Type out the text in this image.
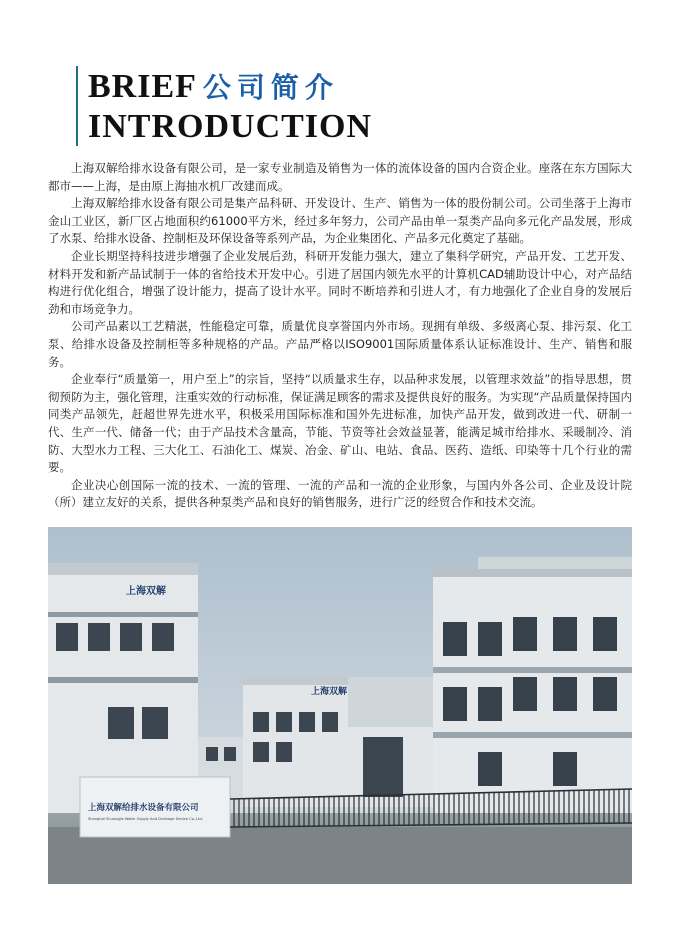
BRIEF 公司简介
INTRODUCTION

上海双解给排水设备有限公司，是一家专业制造及销售为一体的流体设备的国内合资企业。座落在东方国际大都市——上海，是由原上海抽水机厂改建而成。

上海双解给排水设备有限公司是集产品科研、开发设计、生产、销售为一体的股份制公司。公司坐落于上海市金山工业区，新厂区占地面积约61000平方米，经过多年努力，公司产品由单一泵类产品向多元化产品发展，形成了水泵、给排水设备、控制柜及环保设备等系列产品，为企业集团化、产品多元化奠定了基础。

企业长期坚持科技进步增强了企业发展后劲，科研开发能力强大，建立了集科学研究，产品开发、工艺开发、材料开发和新产品试制于一体的省给技术开发中心。引进了居国内领先水平的计算机CAD辅助设计中心，对产品结构进行优化组合，增强了设计能力，提高了设计水平。同时不断培养和引进人才，有力地强化了企业自身的发展后劲和市场竞争力。

公司产品素以工艺精湛，性能稳定可靠，质量优良享誉国内外市场。现拥有单级、多级离心泵、排污泵、化工泵、给排水设备及控制柜等多种规格的产品。产品严格以ISO9001国际质量体系认证标准设计、生产、销售和服务。

企业奉行“质量第一，用户至上”的宗旨，坚持“以质量求生存，以品种求发展，以管理求效益”的指导思想，贯彻预防为主，强化管理，注重实效的行动标准，保证满足顾客的需求及提供良好的服务。为实现“产品质量保持国内同类产品领先，赶超世界先进水平，积极采用国际标准和国外先进标准，加快产品开发，做到改进一代、研制一代、生产一代、储备一代；由于产品技术含量高，节能、节资等社会效益显著，能满足城市给排水、采暖制冷、消防、大型水力工程、三大化工、石油化工、煤炭、冶金、矿山、电站、食品、医药、造纸、印染等十几个行业的需要。

企业决心创国际一流的技术、一流的管理、一流的产品和一流的企业形象，与国内外各公司、企业及设计院（所）建立友好的关系，提供各种泵类产品和良好的销售服务，进行广泛的经贸合作和技术交流。

上海双解
上海双解
上海双解给排水设备有限公司
Shanghai Shuangjie Water Supply And Drainage Device Co.,Ltd.
